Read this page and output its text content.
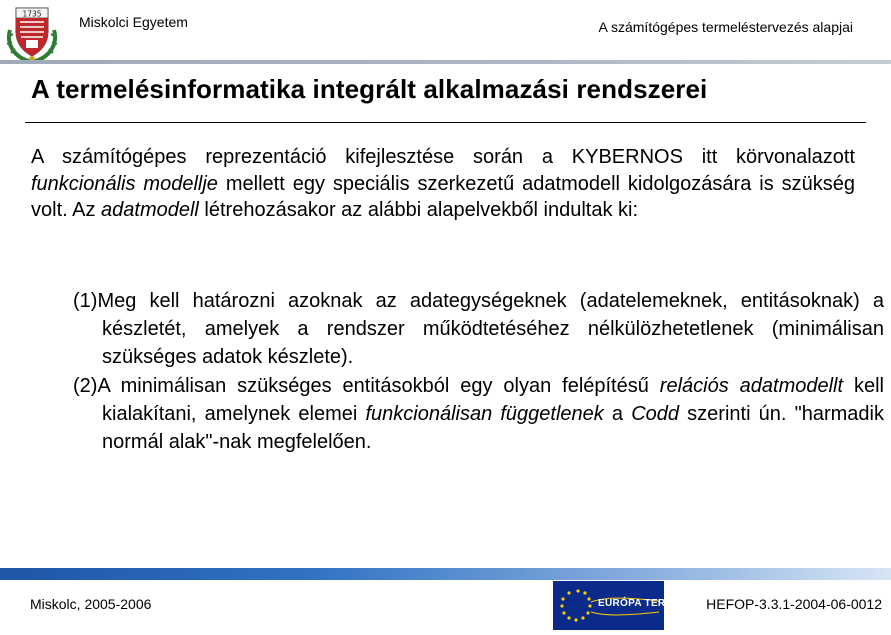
1735	Miskolci Egyetem	A számítógépes termeléstervezés alapjai
A termelésinformatika integrált alkalmazási rendszerei

A számítógépes reprezentáció kifejlesztése során a KYBERNOS itt körvonalazott funkcionális modellje mellett egy speciális szerkezetű adatmodell kidolgozására is szükség volt. Az adatmodell létrehozásakor az alábbi alapelvekből indultak ki:

(1)Meg kell határozni azoknak az adategységeknek (adatelemeknek, entitásoknak) a készletét, amelyek a rendszer működtetéséhez nélkülözhetetlenek (minimálisan szükséges adatok készlete).

(2)A minimálisan szükséges entitásokból egy olyan felépítésű relációs adatmodellt kell kialakítani, amelynek elemei funkcionálisan függetlenek a Codd szerinti ún. "harmadik normál alak"-nak megfelelően.

Miskolc, 2005-2006	EURÓPA TERV HEFOP-3.3.1-2004-06-0012
